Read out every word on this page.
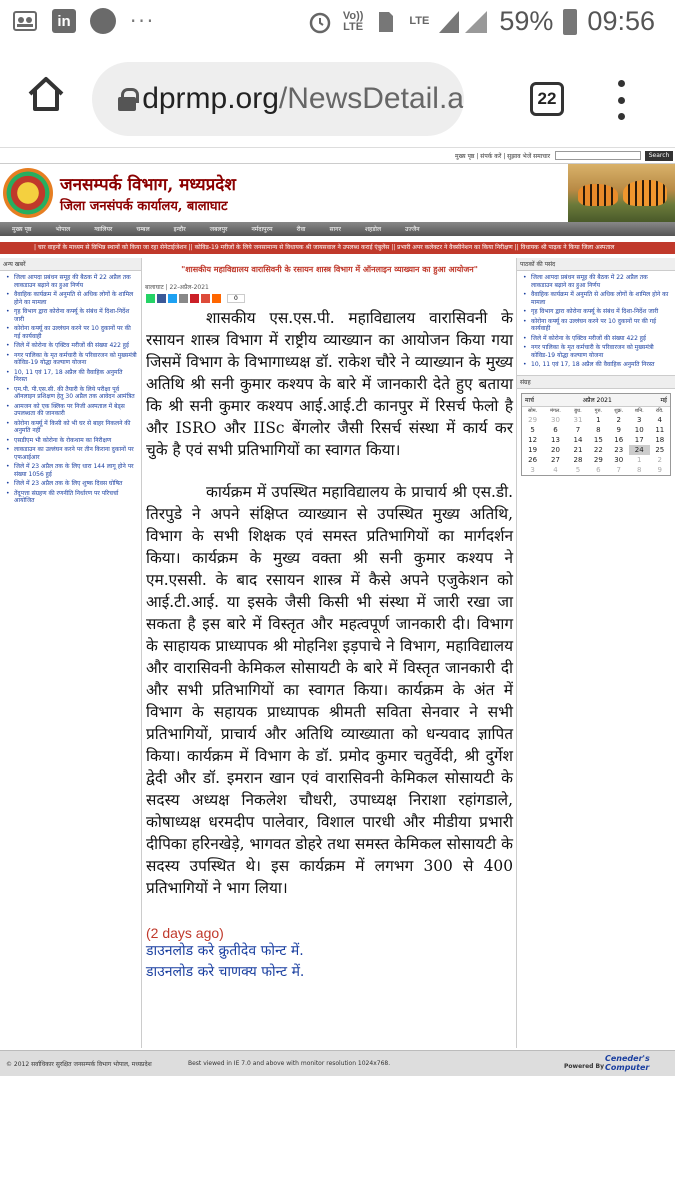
in	···	Vo))
LTE	LTE	59% 09:56
dprmp.org/NewsDetail.a	22
मुख्य पृष्ठ | संपर्क करें | सुझाव भेजें समाचार	Search
जनसम्पर्क विभाग, मध्यप्रदेश
जिला जनसंपर्क कार्यालय, बालाघाट
मुख्य पृष्ठ	भोपाल	ग्वालियर	चम्बल	इन्दौर	जबलपुर	नर्मदापुरम	रीवा	सागर	शहडोल	उज्जैन
| चार वाहनों के माध्यम से विभिन्न स्थानों को किया जा रहा सेनेटाईजेशन || कोविड-19 मरीजों के लिये जनसामान्य से विधायक श्री जायसवाल ने उपलब्ध कराई एंबुलेंस || प्रभारी अपर कलेक्टर ने वैक्सीनेशन का किया निरीक्षण || विधायक श्री पाढ़क ने किया जिला अस्पताल
अन्य खबरें
• जिला आपदा प्रबंधन समूह की बैठक में 22 अप्रैल तक लाकडाउन बढ़ाने का हुआ निर्णय
• वैवाहिक कार्यक्रम में अनुमति से अधिक लोगों के शामिल होने का मामला
• गृह विभाग द्वारा कोरोना कर्फ्यू के संबंध में दिशा-निर्देश जारी
• कोरोना कर्फ्यू का उल्लंघन करने पर 10 दुकानों पर की गई कार्यवाही
• जिले में कोरोना के एक्टिव मरीजों की संख्या 422 हुई
• नगर पालिका के मृत कर्मचारी के परिवारजन को मुख्यमंत्री कोविड-19 योद्धा कल्याण योजना
• 10, 11 एवं 17, 18 अप्रैल की वैवाहिक अनुमति निरस्त
• एम.पी. पी.एस.सी. की तैयारी के लिये परीक्षा पूर्व ऑनलाइन प्रशिक्षण हेतु 30 अप्रैल तक आवेदन आमंत्रित
• आमजन को एक क्लिक पर निजी अस्पताल में बेड्स उपलब्धता की जानकारी
• कोरोना कर्फ्यू में किसी को भी घर से बाहर निकलने की अनुमति नहीं
• एसडीएम भी कोरोना के रोकथाम का निरीक्षण
• लाकडाउन का उल्लंघन करने पर तीन किराना दुकानों पर एफआईआर
• जिले में 23 अप्रैल तक के लिए धारा 144 लागू होने पर संख्या 1056 हुई
• जिले में 23 अप्रैल तक के लिए शुष्क दिवस घोषित
• तेंदूपत्ता संग्रहण की रणनीति निर्धारण पर परिचर्चा आयोजित
"शासकीय महाविद्यालय वारासिवनी के रसायन शास्त्र विभाग में ऑनलाइन व्याख्यान का हुआ आयोजन"
बालाघाट | 22-अप्रैल-2021
0

शासकीय एस.एस.पी. महाविद्यालय वारासिवनी के रसायन शास्त्र विभाग में राष्ट्रीय व्याख्यान का आयोजन किया गया जिसमें विभाग के विभागाध्यक्ष डॉ. राकेश चौरे ने व्याख्यान के मुख्य अतिथि श्री सनी कुमार कश्यप के बारे में जानकारी देते हुए बताया कि श्री सनी कुमार कश्यप आई.आई.टी कानपुर में रिसर्च फेलो है और ISRO और IISc बेंगलोर जैसी रिसर्च संस्था में कार्य कर चुके है एवं सभी प्रतिभागियों का स्वागत किया।

कार्यक्रम में उपस्थित महाविद्यालय के प्राचार्य श्री एस.डी. तिरपुडे ने अपने संक्षिप्त व्याख्यान से उपस्थित मुख्य अतिथि, विभाग के सभी शिक्षक एवं समस्त प्रतिभागियों का मार्गदर्शन किया। कार्यक्रम के मुख्य वक्ता श्री सनी कुमार कश्यप ने एम.एससी. के बाद रसायन शास्त्र में कैसे अपने एजुकेशन को आई.टी.आई. या इसके जैसी किसी भी संस्था में जारी रखा जा सकता है इस बारे में विस्तृत और महत्वपूर्ण जानकारी दी। विभाग के साहायक प्राध्यापक श्री मोहनिश इड़पाचे ने विभाग, महाविद्यालय और वारासिवनी केमिकल सोसायटी के बारे में विस्तृत जानकारी दी और सभी प्रतिभागियों का स्वागत किया। कार्यक्रम के अंत में विभाग के सहायक प्राध्यापक श्रीमती सविता सेनवार ने सभी प्रतिभागियों, प्राचार्य और अतिथि व्याख्याता को धन्यवाद ज्ञापित किया। कार्यक्रम में विभाग के डॉ. प्रमोद कुमार चतुर्वेदी, श्री दुर्गेश द्वेदी और डॉ. इमरान खान एवं वारासिवनी केमिकल सोसायटी के सदस्य अध्यक्ष निकलेश चौधरी, उपाध्यक्ष निराशा रहांगडाले, कोषाध्यक्ष धरमदीप पालेवार, विशाल पारधी और मीडीया प्रभारी दीपिका हरिनखेड़े, भागवत डोहरे तथा समस्त केमिकल सोसायटी के सदस्य उपस्थित थे। इस कार्यक्रम में लगभग 300 से 400 प्रतिभागियों ने भाग लिया।

(2 days ago)
डाउनलोड करे क्रुतीदेव फोन्ट में.
डाउनलोड करे चाणक्य फोन्ट में.
पाठकों की पसंद
• जिला आपदा प्रबंधन समूह की बैठक में 22 अप्रैल तक लाकडाउन बढ़ाने का हुआ निर्णय
• वैवाहिक कार्यक्रम में अनुमति से अधिक लोगों के शामिल होने का मामला
• गृह विभाग द्वारा कोरोना कर्फ्यू के संबंध में दिशा-निर्देश जारी
• कोरोना कर्फ्यू का उल्लंघन करने पर 10 दुकानों पर की गई कार्यवाही
• जिले में कोरोना के एक्टिव मरीजों की संख्या 422 हुई
• नगर पालिका के मृत कर्मचारी के परिवारजन को मुख्यमंत्री कोविड-19 योद्धा कल्याण योजना
• 10, 11 एवं 17, 18 अप्रैल की वैवाहिक अनुमति निरस्त
संग्रह
मार्च	अप्रैल 2021	मई
सोम.	मंगल.	बुध.	गुरु.	शुक्र.	शनि.	रवि.
29	30	31	1	2	3	4
5	6	7	8	9	10	11
12	13	14	15	16	17	18
19	20	21	22	23	24	25
26	27	28	29	30	1	2
3	4	5	6	7	8	9
© 2012 सर्वाधिकार सुरक्षित जनसम्पर्क विभाग भोपाल, मध्यप्रदेश	Best viewed in IE 7.0 and above with monitor resolution 1024x768.	Powered By
Ceneder's Computer
